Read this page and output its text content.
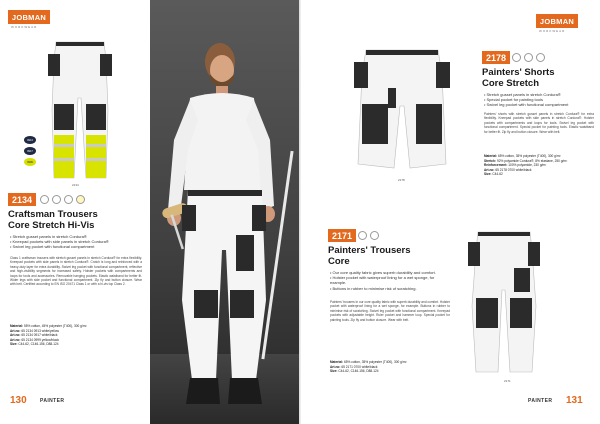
JOBMAN
WORKWEAR
2134
0913
0917
0999
2134
Craftsman Trousers
Core Stretch Hi-Vis
• Stretch gusset panels in stretch Cordura®
• Kneepad pockets with side panels in stretch Cordura®
• Swivel leg pocket with functional compartment
Class 1 craftsman trousers with stretch gusset panels in stretch Cordura® for extra flexibility. Kneepad pockets with side panels in stretch Cordura®. Crotch is long and reinforced with a heavy-duty layer for extra durability. Swivel leg pocket with functional compartment, reflective and high-visibility segments for increased safety. Holster pockets with compartments and loops for tools and accessories. Removable hanging pockets. Elastic waistband for better fit. Wider legs with side pocket and functional compartment. Zip fly and button closure. Wear with belt. Certified according to EN ISO 20471 Class 1 or with a hi-vis top Class 2.
Material: 55% cotton, 45% polyester (T400), 300 g/m²
Art.no: 65 2134 0913 white/yellow
Art.no: 65 2134 0917 white/black
Art.no: 65 2134 0999 yellow/black
Size: C44-62, C146-156, D88-124
130	PAINTER
JOBMAN
WORKWEAR
2178
2178
Painters' Shorts
Core Stretch
• Stretch gusset panels in stretch Cordura®
• Special pocket for painting tools
• Swivel leg pocket with functional compartment
Painters' shorts with stretch gusset panels in stretch Cordura® for extra flexibility. Kneepad pockets with side panels in stretch Cordura®. Holster pockets with compartments and loops for tools. Swivel leg pocket with functional compartment. Special pocket for painting tools. Elastic waistband for better fit. Zip fly and button closure. Wear with belt.
Material: 65% cotton, 35% polyester (T400), 300 g/m²
Stretch: 92% polyamide Cordura®, 8% elastane, 250 g/m²
Reinforcement: 100% polyamide, 230 g/m²
Art.no: 65 2178 0700 white/black
Size: C44-62
2171
Painters' Trousers
Core
• Our core quality fabric gives superb durability and comfort.
• Holster pocket with waterproof lining for a wet sponge, for example.
• Buttons in rubber to minimise risk of scratching.
Painters' trousers in our core quality fabric with superb durability and comfort. Holster pocket with waterproof lining for a wet sponge, for example. Buttons in rubber to minimise risk of scratching. Swivel leg pocket with functional compartment. Kneepad pockets with adjustable height. Ruler pocket and hammer loop. Special pocket for painting tools. Zip fly and button closure. Wear with belt.
Material: 65% cotton, 35% polyester (T400), 300 g/m²
Art.no: 65 2171 0700 white/black
Size: C44-62, C146-156, D88-124
2171
PAINTER 131
